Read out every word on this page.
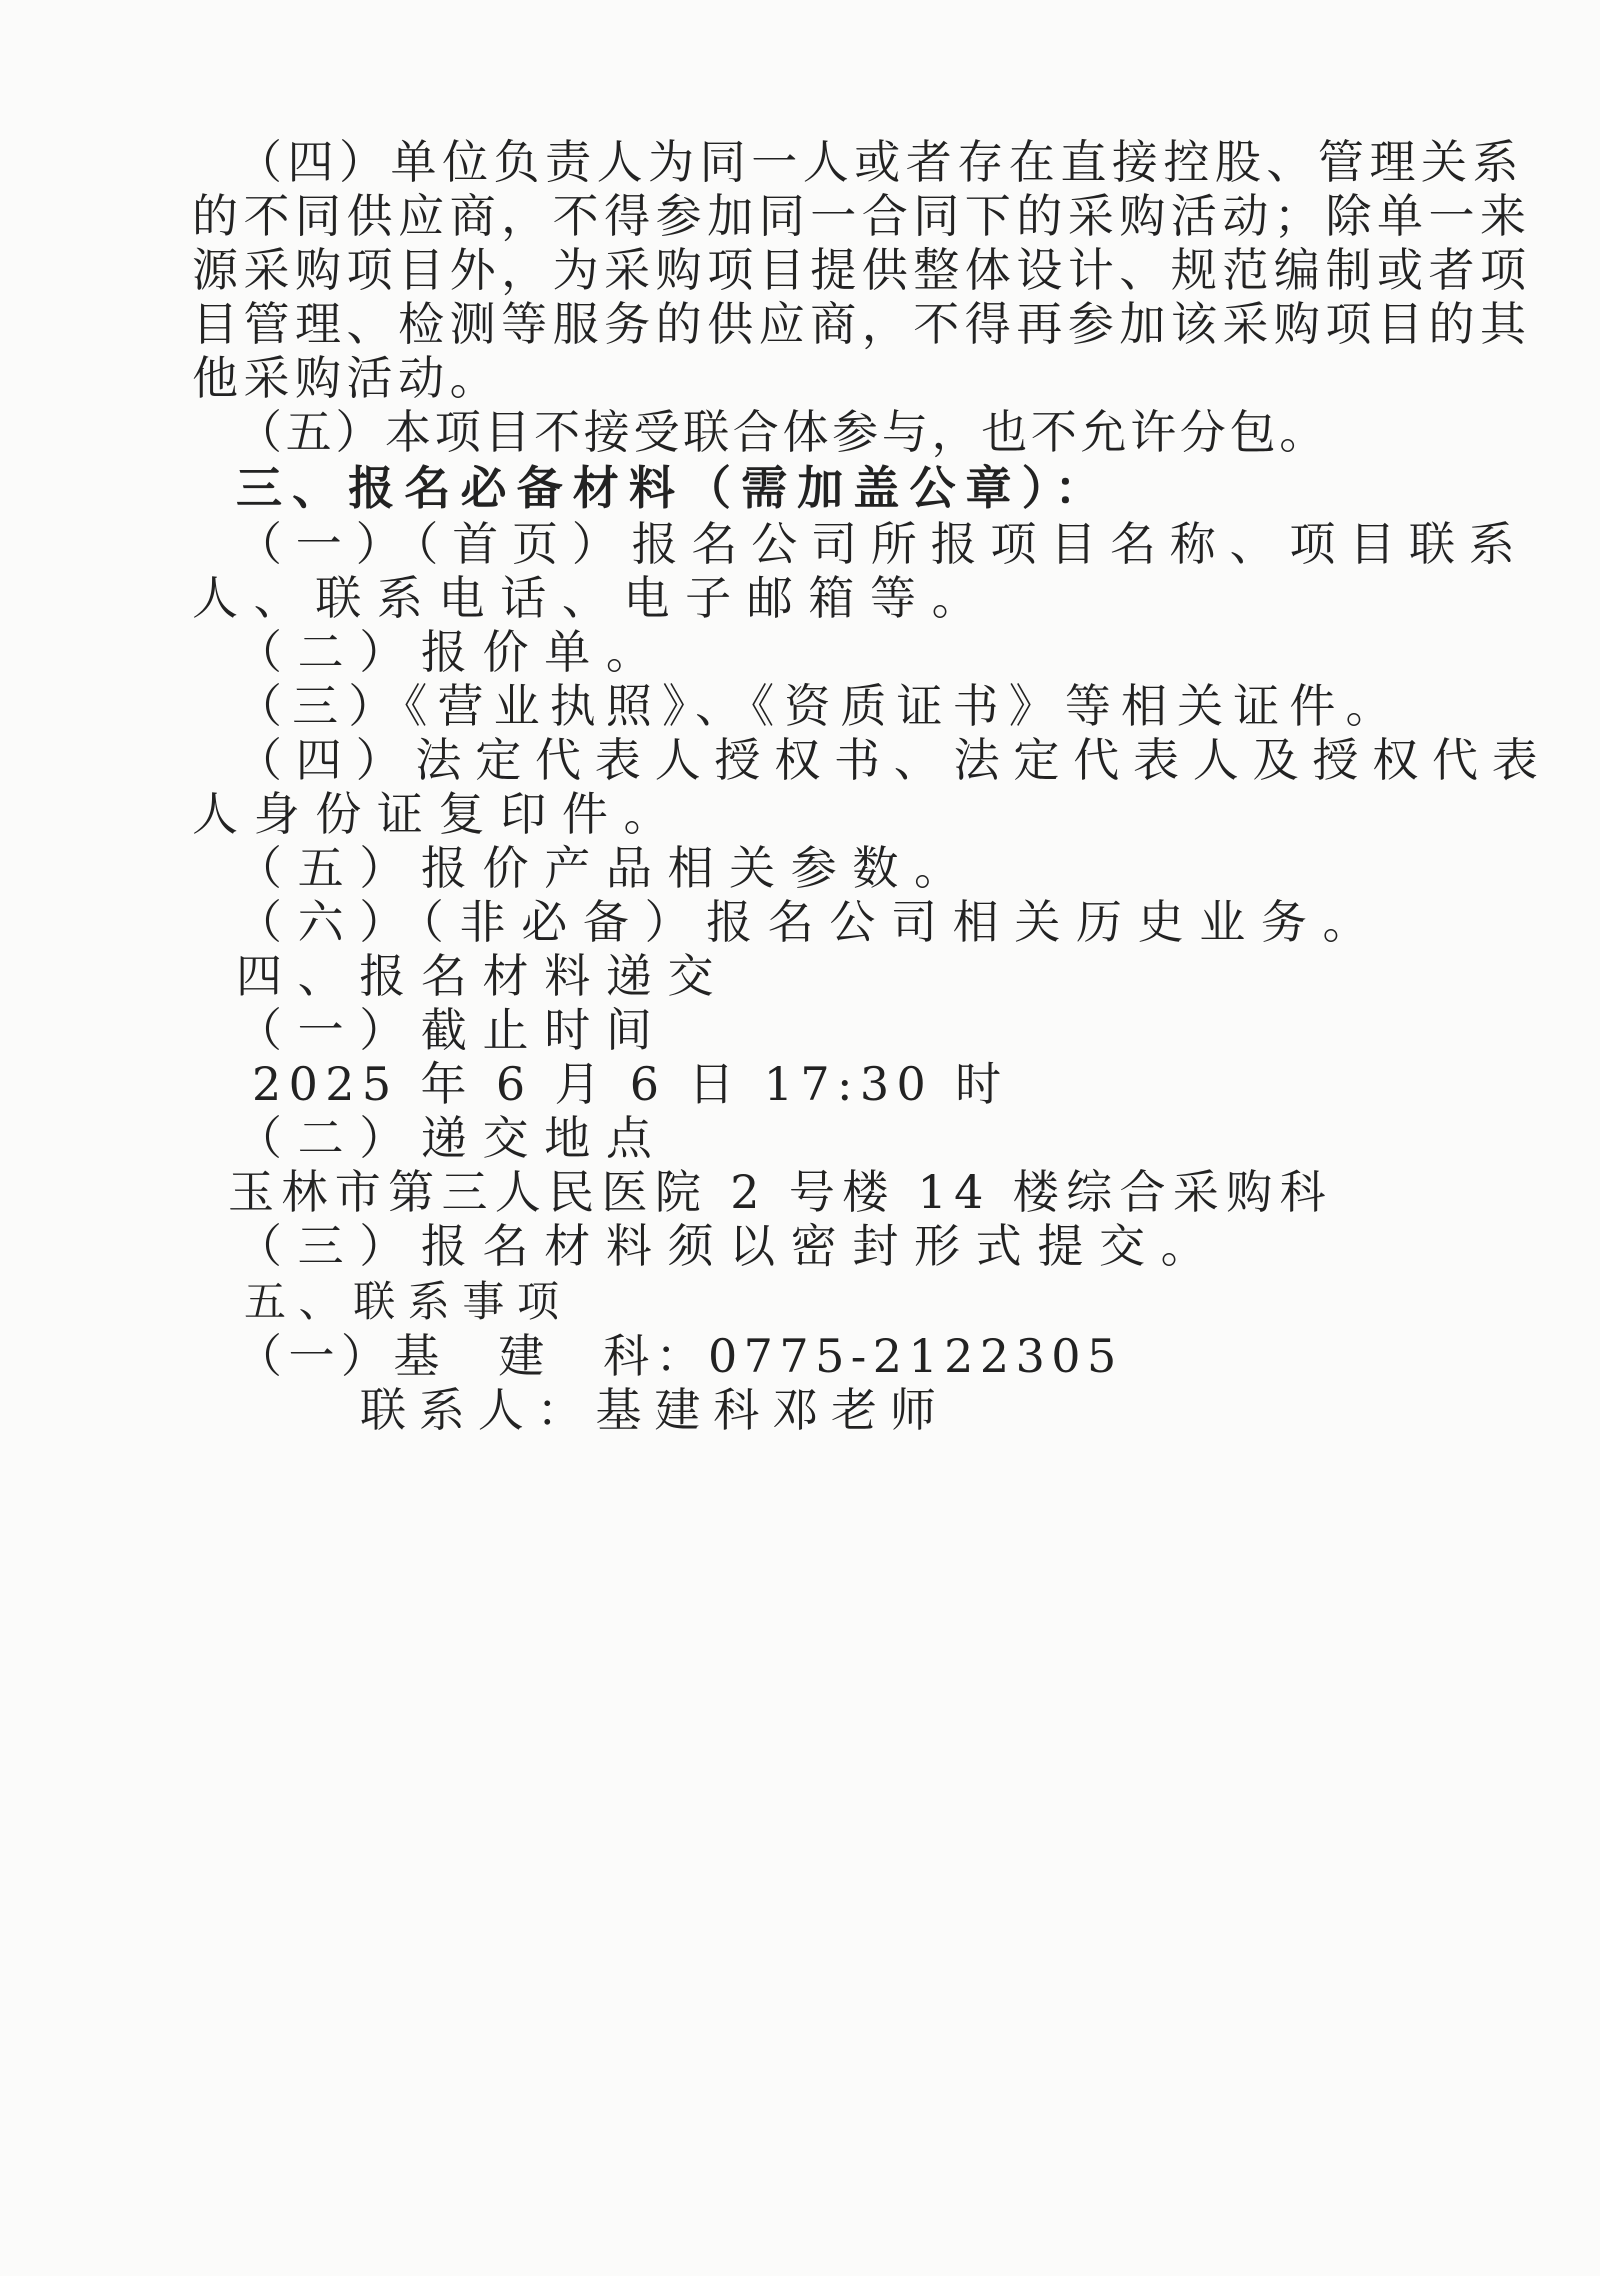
（四）单位负责人为同一人或者存在直接控股、管理关系
的不同供应商，不得参加同一合同下的采购活动；除单一来
源采购项目外，为采购项目提供整体设计、规范编制或者项
目管理、检测等服务的供应商，不得再参加该采购项目的其
他采购活动。
（五）本项目不接受联合体参与，也不允许分包。
三、报名必备材料（需加盖公章）：
（一）（首页）报名公司所报项目名称、项目联系
人、联系电话、电子邮箱等。
（二）报价单。
（三）《营业执照》、《资质证书》等相关证件。
（四）法定代表人授权书、法定代表人及授权代表
人身份证复印件。
（五）报价产品相关参数。
（六）（非必备）报名公司相关历史业务。
四、报名材料递交
（一）截止时间
2025 年 6 月 6 日 17:30 时
（二）递交地点
玉林市第三人民医院 2 号楼 14 楼综合采购科
（三）报名材料须以密封形式提交。
五、联系事项
（一）基　建　科：0775-2122305
联系人：基建科邓老师
